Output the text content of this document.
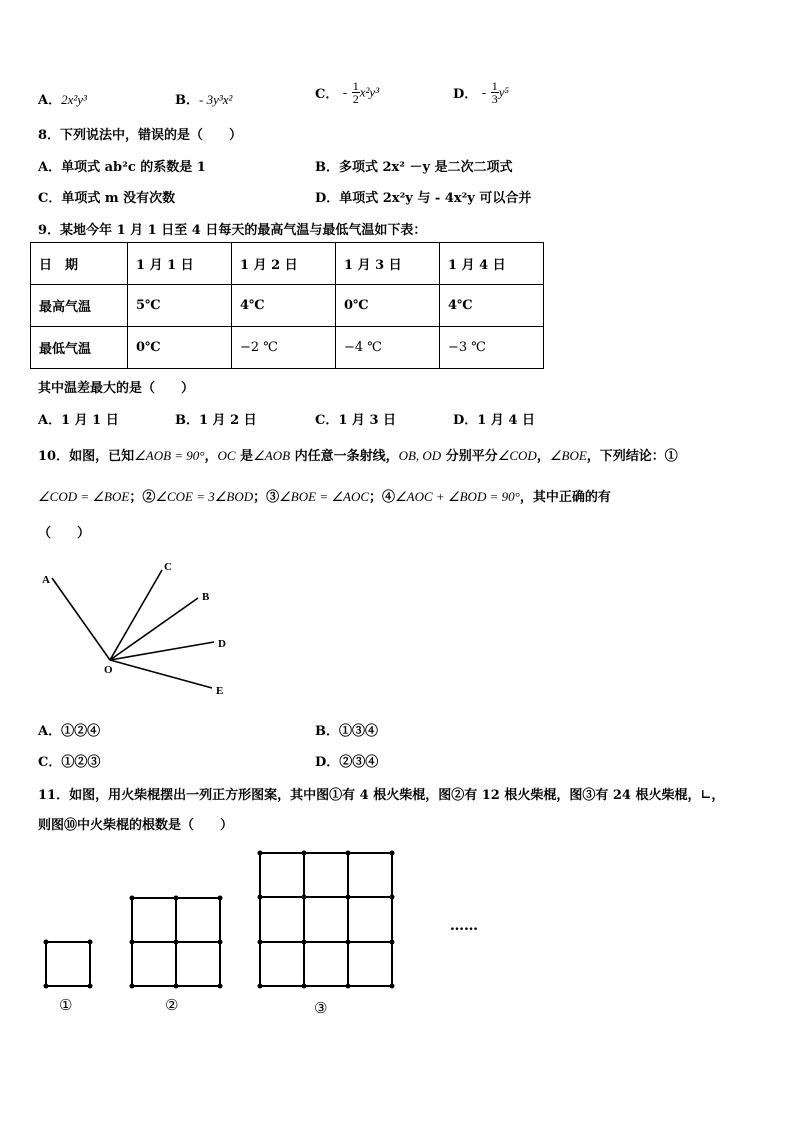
A．2x²y³	B．- 3y³x²	C． - $\frac{1}{2} x^2y^3$	D． - $\frac{1}{3} y^5$
8．下列说法中，错误的是（　　）
A．单项式 ab²c 的系数是 1	B．多项式 2x² －y 是二次二项式
C．单项式 m 没有次数	D．单项式 2x²y 与 - 4x²y 可以合并
9．某地今年 1 月 1 日至 4 日每天的最高气温与最低气温如下表：
日　期	1 月 1 日	1 月 2 日	1 月 3 日	1 月 4 日
最高气温	5℃	4℃	0℃	4℃
最低气温	0℃	−2 ℃	−4 ℃	−3 ℃
其中温差最大的是（　　）
A．1 月 1 日	B．1 月 2 日	C．1 月 3 日	D．1 月 4 日
10．如图，已知∠AOB = 90°，OC 是∠AOB 内任意一条射线，OB, OD 分别平分∠COD，∠BOE，下列结论：①
∠COD = ∠BOE；②∠COE = 3∠BOD；③∠BOE = ∠AOC；④∠AOC + ∠BOD = 90°，其中正确的有
（　　）
A
C
B
D
E
O
A．①②④	B．①③④
C．①②③	D．②③④
11．如图，用火柴棍摆出一列正方形图案，其中图①有 4 根火柴棍，图②有 12 根火柴棍，图③有 24 根火柴棍，∟，
则图⑩中火柴棍的根数是（　　）
①	②	③
……
